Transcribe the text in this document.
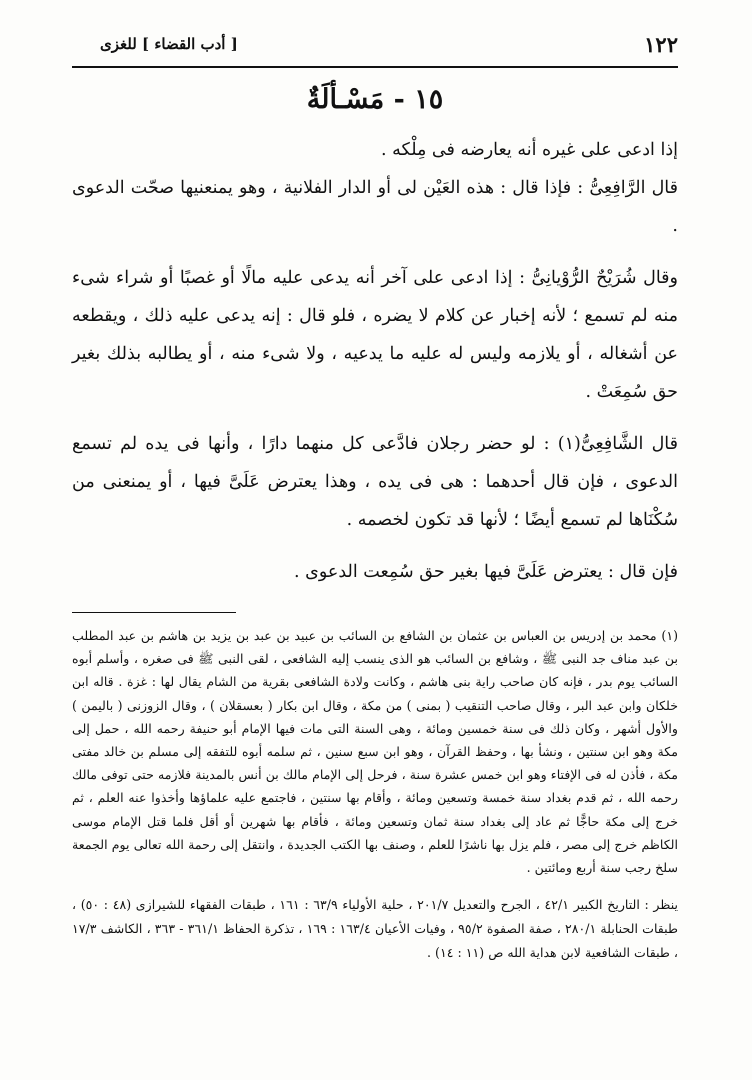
١٢٢
[ أدب القضاء ] للغزى
١٥ - مَسْـألَةٌ

إذا ادعى على غيره أنه يعارضه فى مِلْكه .

قال الرَّافِعِىُّ : فإذا قال : هذه العَيْن لى أو الدار الفلانية ، وهو يمنعنيها صحّت الدعوى .

وقال شُرَيْحٌ الرُّوْيانِىُّ : إذا ادعى على آخر أنه يدعى عليه مالًا أو غصبًا أو شراء شىء منه لم تسمع ؛ لأنه إخبار عن كلام لا يضره ، فلو قال : إنه يدعى عليه ذلك ، ويقطعه عن أشغاله ، أو يلازمه وليس له عليه ما يدعيه ، ولا شىء منه ، أو يطالبه بذلك بغير حق سُمِعَتْ .

قال الشَّافِعِىُّ(١) : لو حضر رجلان فادَّعى كل منهما دارًا ، وأنها فى يده لم تسمع الدعوى ، فإن قال أحدهما : هى فى يده ، وهذا يعترض عَلَىَّ فيها ، أو يمنعنى من سُكْنَاها لم تسمع أيضًا ؛ لأنها قد تكون لخصمه .

فإن قال : يعترض عَلَىَّ فيها بغير حق سُمِعت الدعوى .

(١) محمد بن إدريس بن العباس بن عثمان بن الشافع بن السائب بن عبيد بن عبد بن يزيد بن هاشم بن عبد المطلب بن عبد مناف جد النبى ﷺ ، وشافع بن السائب هو الذى ينسب إليه الشافعى ، لقى النبى ﷺ فى صغره ، وأسلم أبوه السائب يوم بدر ، فإنه كان صاحب راية بنى هاشم ، وكانت ولادة الشافعى بقرية من الشام يقال لها : غزة . قاله ابن خلكان وابن عبد البر ، وقال صاحب التنقيب ( بمنى ) من مكة ، وقال ابن بكار ( بعسقلان ) ، وقال الزوزنى ( باليمن ) والأول أشهر ، وكان ذلك فى سنة خمسين ومائة ، وهى السنة التى مات فيها الإمام أبو حنيفة رحمه الله ، حمل إلى مكة وهو ابن سنتين ، ونشأ بها ، وحفظ القرآن ، وهو ابن سبع سنين ، ثم سلمه أبوه للتفقه إلى مسلم بن خالد مفتى مكة ، فأذن له فى الإفتاء وهو ابن خمس عشرة سنة ، فرحل إلى الإمام مالك بن أنس بالمدينة فلازمه حتى توفى مالك رحمه الله ، ثم قدم بغداد سنة خمسة وتسعين ومائة ، وأقام بها سنتين ، فاجتمع عليه علماؤها وأخذوا عنه العلم ، ثم خرج إلى مكة حاجًّا ثم عاد إلى بغداد سنة ثمان وتسعين ومائة ، فأقام بها شهرين أو أقل فلما قتل الإمام موسى الكاظم خرج إلى مصر ، فلم يزل بها ناشرًا للعلم ، وصنف بها الكتب الجديدة ، وانتقل إلى رحمة الله تعالى يوم الجمعة سلخ رجب سنة أربع ومائتين .

ينظر : التاريخ الكبير ٤٢/١ ، الجرح والتعديل ٢٠١/٧ ، حلية الأولياء ٦٣/٩ : ١٦١ ، طبقات الفقهاء للشيرازى (٤٨ : ٥٠) ، طبقات الحنابلة ٢٨٠/١ ، صفة الصفوة ٩٥/٢ ، وفيات الأعيان ١٦٣/٤ : ١٦٩ ، تذكرة الحفاظ ٣٦١/١ - ٣٦٣ ، الكاشف ١٧/٣ ، طبقات الشافعية لابن هداية الله ص (١١ : ١٤) .
